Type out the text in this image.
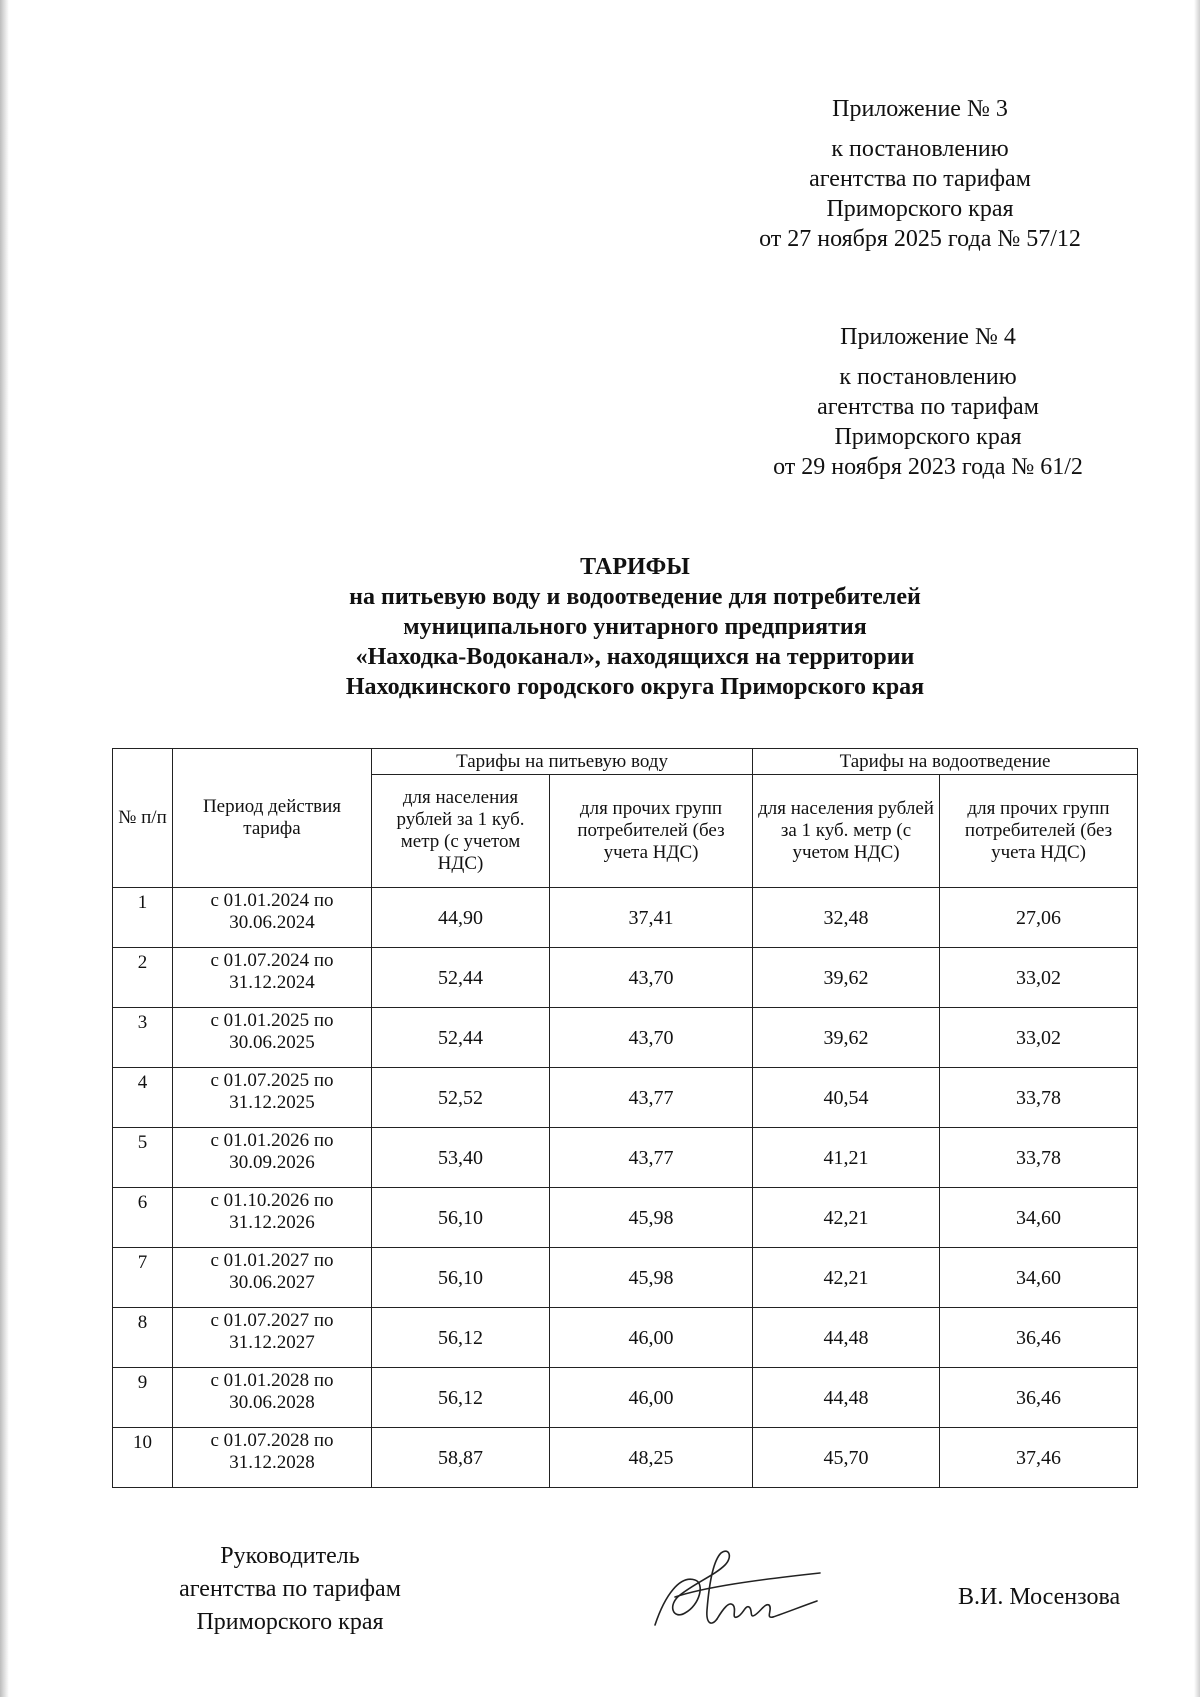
Приложение № 3
к постановлению
агентства по тарифам
Приморского края
от 27 ноября 2025 года № 57/12
Приложение № 4
к постановлению
агентства по тарифам
Приморского края
от 29 ноября 2023 года № 61/2
ТАРИФЫ
на питьевую воду и водоотведение для потребителей
муниципального унитарного предприятия
«Находка-Водоканал», находящихся на территории
Находкинского городского округа Приморского края
№ п/п	Период действия тарифа	Тарифы на питьевую воду		Тарифы на водоотведение	
		для населения рублей за 1 куб. метр (с учетом НДС)	для прочих групп потребителей (без учета НДС)	для населения рублей за 1 куб. метр (с учетом НДС)	для прочих групп потребителей (без учета НДС)
1	с 01.01.2024 по 30.06.2024	44,90	37,41	32,48	27,06
2	с 01.07.2024 по 31.12.2024	52,44	43,70	39,62	33,02
3	с 01.01.2025 по 30.06.2025	52,44	43,70	39,62	33,02
4	с 01.07.2025 по 31.12.2025	52,52	43,77	40,54	33,78
5	с 01.01.2026 по 30.09.2026	53,40	43,77	41,21	33,78
6	с 01.10.2026 по 31.12.2026	56,10	45,98	42,21	34,60
7	с 01.01.2027 по 30.06.2027	56,10	45,98	42,21	34,60
8	с 01.07.2027 по 31.12.2027	56,12	46,00	44,48	36,46
9	с 01.01.2028 по 30.06.2028	56,12	46,00	44,48	36,46
10	с 01.07.2028 по 31.12.2028	58,87	48,25	45,70	37,46
Руководитель
агентства по тарифам
Приморского края
В.И. Мосензова
